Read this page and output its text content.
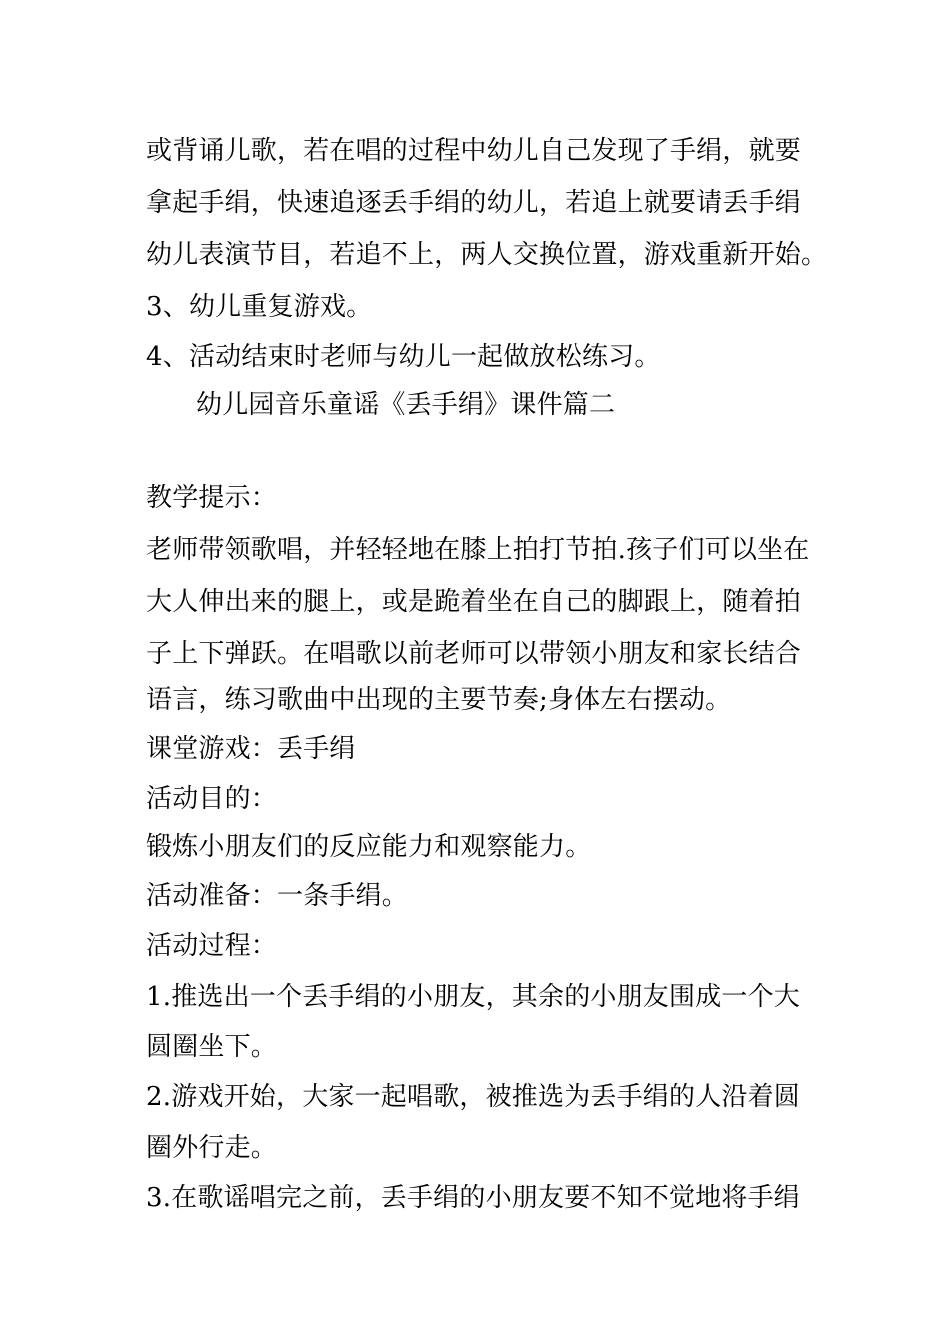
或背诵儿歌，若在唱的过程中幼儿自己发现了手绢，就要
拿起手绢，快速追逐丢手绢的幼儿，若追上就要请丢手绢
幼儿表演节目，若追不上，两人交换位置，游戏重新开始。
3、幼儿重复游戏。
4、活动结束时老师与幼儿一起做放松练习。
幼儿园音乐童谣《丢手绢》课件篇二
教学提示：
老师带领歌唱，并轻轻地在膝上拍打节拍.孩子们可以坐在
大人伸出来的腿上，或是跪着坐在自己的脚跟上，随着拍
子上下弹跃。在唱歌以前老师可以带领小朋友和家长结合
语言，练习歌曲中出现的主要节奏;身体左右摆动。
课堂游戏：丢手绢
活动目的：
锻炼小朋友们的反应能力和观察能力。
活动准备：一条手绢。
活动过程：
1.推选出一个丢手绢的小朋友，其余的小朋友围成一个大
圆圈坐下。
2.游戏开始，大家一起唱歌，被推选为丢手绢的人沿着圆
圈外行走。
3.在歌谣唱完之前，丢手绢的小朋友要不知不觉地将手绢
